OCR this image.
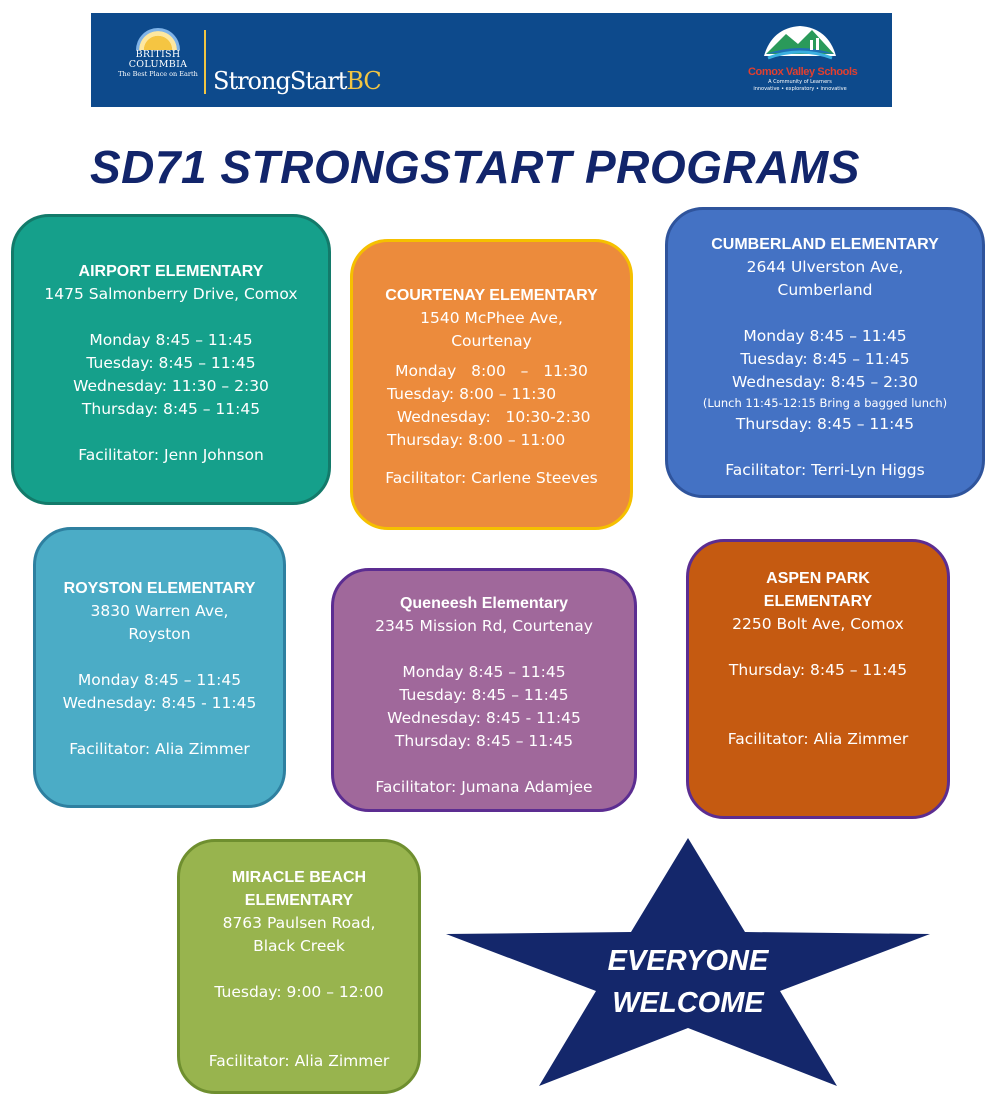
BRITISH
COLUMBIA
The Best Place on Earth StrongStartBC	Comox Valley Schools
A Community of Learners
innovative • exploratory • innovative
SD71 STRONGSTART PROGRAMS
AIRPORT ELEMENTARY
1475 Salmonberry Drive, Comox
Monday 8:45 – 11:45
Tuesday: 8:45 – 11:45
Wednesday: 11:30 – 2:30
Thursday: 8:45 – 11:45
Facilitator: Jenn Johnson
COURTENAY ELEMENTARY
1540 McPhee Ave,
Courtenay
Monday   8:00   –   11:30
Tuesday: 8:00 – 11:30
Wednesday:   10:30-2:30
Thursday: 8:00 – 11:00
Facilitator: Carlene Steeves
CUMBERLAND ELEMENTARY
2644 Ulverston Ave,
Cumberland
Monday 8:45 – 11:45
Tuesday: 8:45 – 11:45
Wednesday: 8:45 – 2:30
(Lunch 11:45-12:15 Bring a bagged lunch)
Thursday: 8:45 – 11:45
Facilitator: Terri-Lyn Higgs
ROYSTON ELEMENTARY
3830 Warren Ave,
Royston
Monday 8:45 – 11:45
Wednesday: 8:45 - 11:45
Facilitator: Alia Zimmer
Queneesh Elementary
2345 Mission Rd, Courtenay
Monday 8:45 – 11:45
Tuesday: 8:45 – 11:45
Wednesday: 8:45 - 11:45
Thursday: 8:45 – 11:45
Facilitator: Jumana Adamjee
ASPEN PARK
ELEMENTARY
2250 Bolt Ave, Comox
Thursday: 8:45 – 11:45
Facilitator: Alia Zimmer
MIRACLE BEACH
ELEMENTARY
8763 Paulsen Road,
Black Creek
Tuesday: 9:00 – 12:00
Facilitator: Alia Zimmer
EVERYONE
WELCOME
